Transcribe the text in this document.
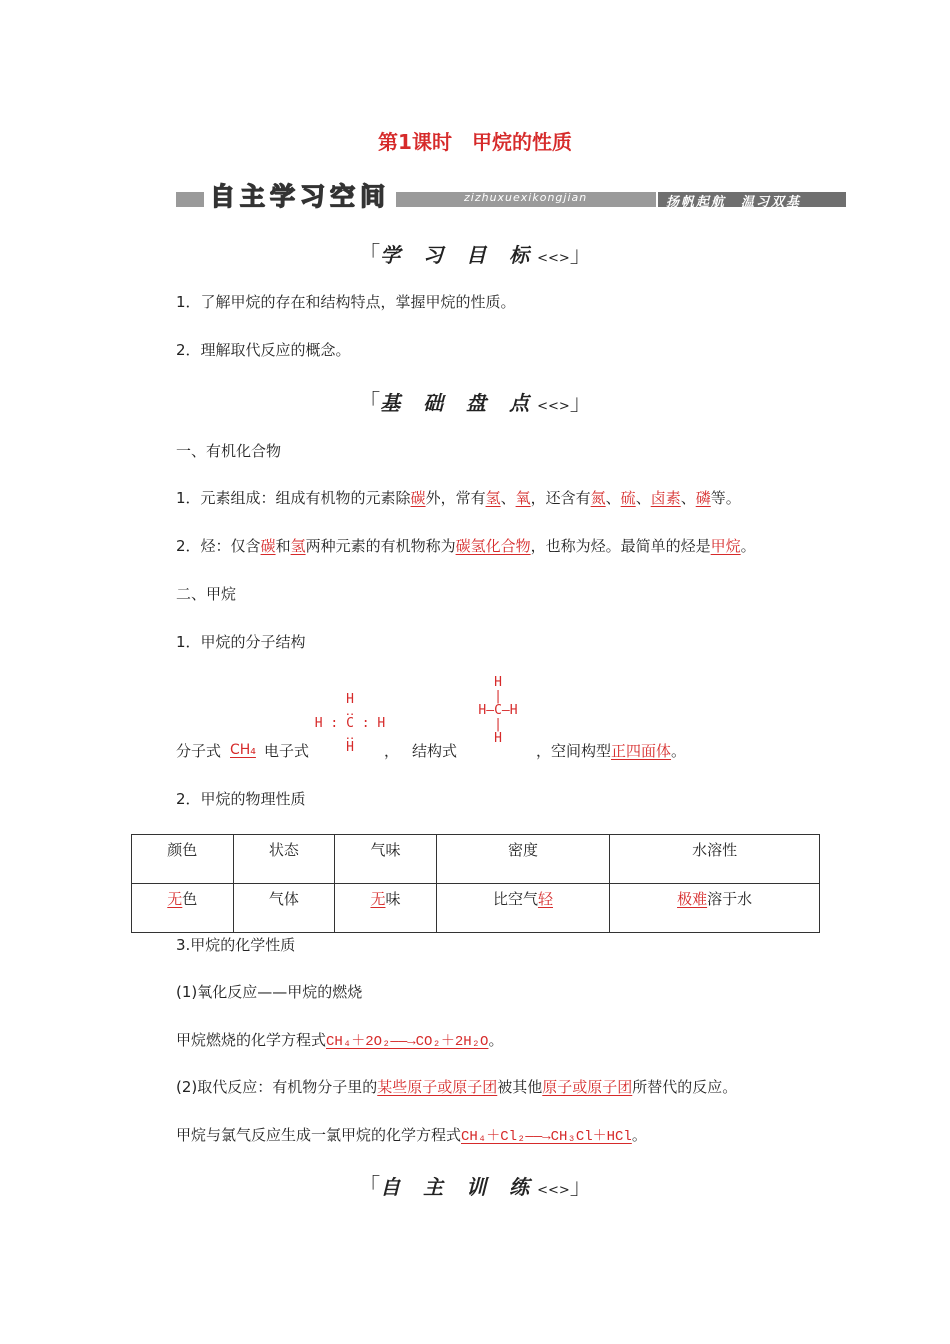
第1课时　甲烷的性质
自主学习空间	zizhuxuexikongjian	扬帆起航　温习双基
「学 习 目 标<<>」
1．了解甲烷的存在和结构特点，掌握甲烷的性质。
2．理解取代反应的概念。
「基 础 盘 点<<>」
一、有机化合物
1．元素组成：组成有机物的元素除碳外，常有氢、氧，还含有氮、硫、卤素、磷等。
2．烃：仅含碳和氢两种元素的有机物称为碳氢化合物，也称为烃。最简单的烃是甲烷。
二、甲烷
1．甲烷的分子结构
H
‥
H : C : H
‥
H
H
|
H—C—H
|
H
分子式 CH₄ 电子式	， 结构式	，空间构型正四面体。
2．甲烷的物理性质
颜色	状态	气味	密度	水溶性
无色	气体	无味	比空气轻	极难溶于水
3.甲烷的化学性质
(1)氧化反应——甲烷的燃烧
甲烷燃烧的化学方程式CH₄＋2O₂——→CO₂＋2H₂O。
(2)取代反应：有机物分子里的某些原子或原子团被其他原子或原子团所替代的反应。
甲烷与氯气反应生成一氯甲烷的化学方程式CH₄＋Cl₂——→CH₃Cl＋HCl。
「自 主 训 练<<>」
